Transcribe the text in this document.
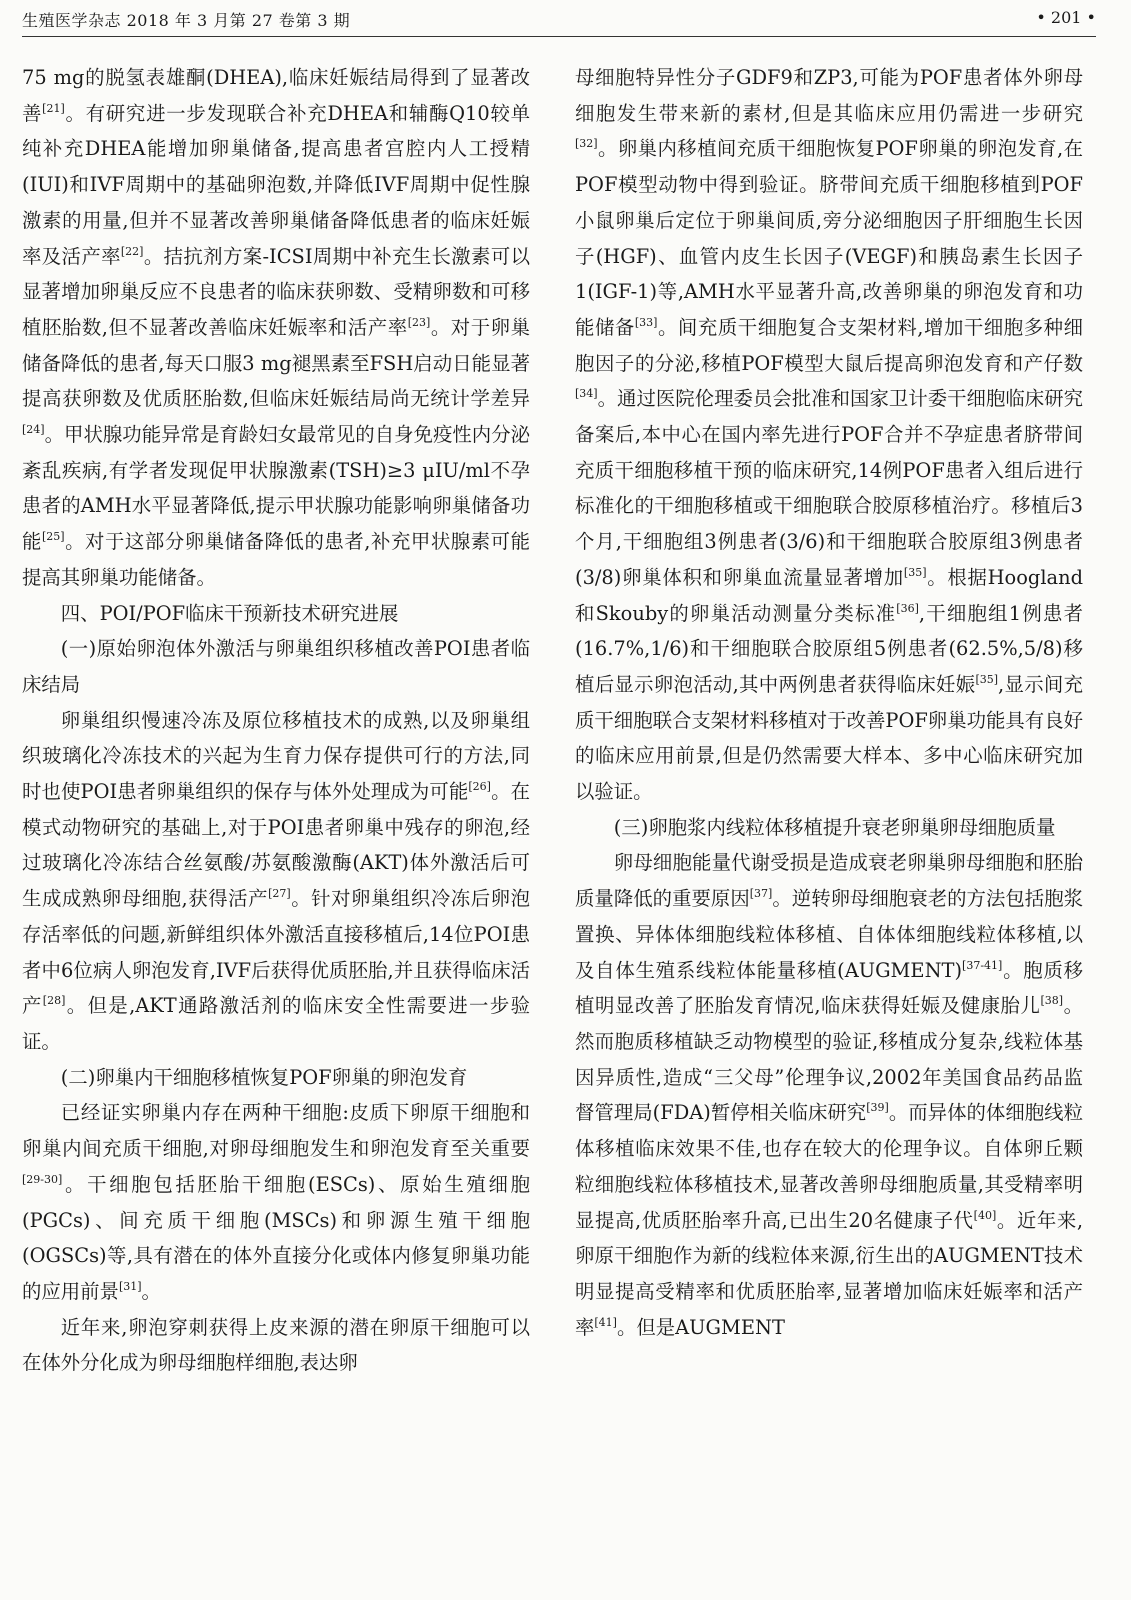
生殖医学杂志 2018 年 3 月第 27 卷第 3 期	• 201 •

75 mg的脱氢表雄酮(DHEA),临床妊娠结局得到了显著改善[21]。有研究进一步发现联合补充DHEA和辅酶Q10较单纯补充DHEA能增加卵巢储备,提高患者宫腔内人工授精(IUI)和IVF周期中的基础卵泡数,并降低IVF周期中促性腺激素的用量,但并不显著改善卵巢储备降低患者的临床妊娠率及活产率[22]。拮抗剂方案-ICSI周期中补充生长激素可以显著增加卵巢反应不良患者的临床获卵数、受精卵数和可移植胚胎数,但不显著改善临床妊娠率和活产率[23]。对于卵巢储备降低的患者,每天口服3 mg褪黑素至FSH启动日能显著提高获卵数及优质胚胎数,但临床妊娠结局尚无统计学差异[24]。甲状腺功能异常是育龄妇女最常见的自身免疫性内分泌紊乱疾病,有学者发现促甲状腺激素(TSH)≥3 μIU/ml不孕患者的AMH水平显著降低,提示甲状腺功能影响卵巢储备功能[25]。对于这部分卵巢储备降低的患者,补充甲状腺素可能提高其卵巢功能储备。

四、POI/POF临床干预新技术研究进展

(一)原始卵泡体外激活与卵巢组织移植改善POI患者临床结局

卵巢组织慢速冷冻及原位移植技术的成熟,以及卵巢组织玻璃化冷冻技术的兴起为生育力保存提供可行的方法,同时也使POI患者卵巢组织的保存与体外处理成为可能[26]。在模式动物研究的基础上,对于POI患者卵巢中残存的卵泡,经过玻璃化冷冻结合丝氨酸/苏氨酸激酶(AKT)体外激活后可生成成熟卵母细胞,获得活产[27]。针对卵巢组织冷冻后卵泡存活率低的问题,新鲜组织体外激活直接移植后,14位POI患者中6位病人卵泡发育,IVF后获得优质胚胎,并且获得临床活产[28]。但是,AKT通路激活剂的临床安全性需要进一步验证。

(二)卵巢内干细胞移植恢复POF卵巢的卵泡发育

已经证实卵巢内存在两种干细胞:皮质下卵原干细胞和卵巢内间充质干细胞,对卵母细胞发生和卵泡发育至关重要[29-30]。干细胞包括胚胎干细胞(ESCs)、原始生殖细胞(PGCs)、间充质干细胞(MSCs)和卵源生殖干细胞(OGSCs)等,具有潜在的体外直接分化或体内修复卵巢功能的应用前景[31]。

近年来,卵泡穿刺获得上皮来源的潜在卵原干细胞可以在体外分化成为卵母细胞样细胞,表达卵

母细胞特异性分子GDF9和ZP3,可能为POF患者体外卵母细胞发生带来新的素材,但是其临床应用仍需进一步研究[32]。卵巢内移植间充质干细胞恢复POF卵巢的卵泡发育,在POF模型动物中得到验证。脐带间充质干细胞移植到POF小鼠卵巢后定位于卵巢间质,旁分泌细胞因子肝细胞生长因子(HGF)、血管内皮生长因子(VEGF)和胰岛素生长因子1(IGF-1)等,AMH水平显著升高,改善卵巢的卵泡发育和功能储备[33]。间充质干细胞复合支架材料,增加干细胞多种细胞因子的分泌,移植POF模型大鼠后提高卵泡发育和产仔数[34]。通过医院伦理委员会批准和国家卫计委干细胞临床研究备案后,本中心在国内率先进行POF合并不孕症患者脐带间充质干细胞移植干预的临床研究,14例POF患者入组后进行标准化的干细胞移植或干细胞联合胶原移植治疗。移植后3个月,干细胞组3例患者(3/6)和干细胞联合胶原组3例患者(3/8)卵巢体积和卵巢血流量显著增加[35]。根据Hoogland和Skouby的卵巢活动测量分类标准[36],干细胞组1例患者(16.7%,1/6)和干细胞联合胶原组5例患者(62.5%,5/8)移植后显示卵泡活动,其中两例患者获得临床妊娠[35],显示间充质干细胞联合支架材料移植对于改善POF卵巢功能具有良好的临床应用前景,但是仍然需要大样本、多中心临床研究加以验证。

(三)卵胞浆内线粒体移植提升衰老卵巢卵母细胞质量

卵母细胞能量代谢受损是造成衰老卵巢卵母细胞和胚胎质量降低的重要原因[37]。逆转卵母细胞衰老的方法包括胞浆置换、异体体细胞线粒体移植、自体体细胞线粒体移植,以及自体生殖系线粒体能量移植(AUGMENT)[37-41]。胞质移植明显改善了胚胎发育情况,临床获得妊娠及健康胎儿[38]。然而胞质移植缺乏动物模型的验证,移植成分复杂,线粒体基因异质性,造成“三父母”伦理争议,2002年美国食品药品监督管理局(FDA)暂停相关临床研究[39]。而异体的体细胞线粒体移植临床效果不佳,也存在较大的伦理争议。自体卵丘颗粒细胞线粒体移植技术,显著改善卵母细胞质量,其受精率明显提高,优质胚胎率升高,已出生20名健康子代[40]。近年来,卵原干细胞作为新的线粒体来源,衍生出的AUGMENT技术明显提高受精率和优质胚胎率,显著增加临床妊娠率和活产率[41]。但是AUGMENT
